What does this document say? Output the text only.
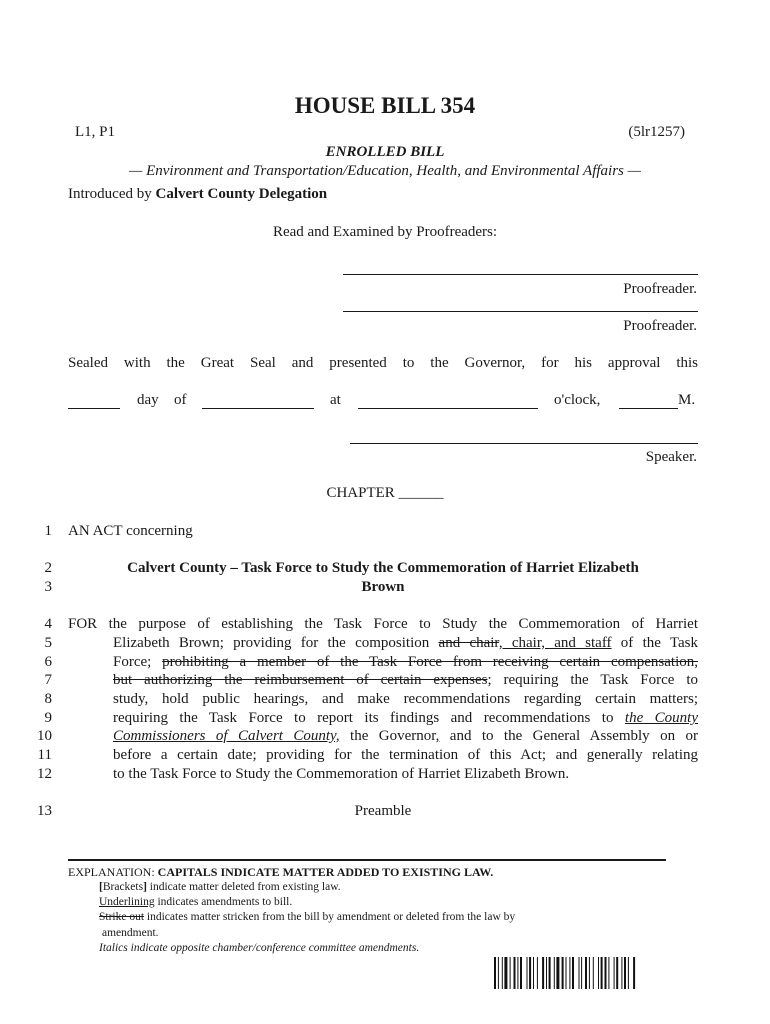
HOUSE BILL 354
L1, P1	(5lr1257)
ENROLLED BILL
— Environment and Transportation/Education, Health, and Environmental Affairs —
Introduced by Calvert County Delegation
Read and Examined by Proofreaders:
Proofreader.
Proofreader.
Sealed with the Great Seal and presented to the Governor, for his approval this
day of	at	o'clock,	M.
Speaker.
CHAPTER ______
1
2
3
4
5
6
7
8
9
10
11
12
13
AN ACT concerning
Calvert County – Task Force to Study the Commemoration of Harriet Elizabeth
Brown
FOR the purpose of establishing the Task Force to Study the Commemoration of Harriet
Elizabeth Brown; providing for the composition and chair, chair, and staff of the Task
Force; prohibiting a member of the Task Force from receiving certain compensation,
but authorizing the reimbursement of certain expenses; requiring the Task Force to
study, hold public hearings, and make recommendations regarding certain matters;
requiring the Task Force to report its findings and recommendations to the County
Commissioners of Calvert County, the Governor, and to the General Assembly on or
before a certain date; providing for the termination of this Act; and generally relating
to the Task Force to Study the Commemoration of Harriet Elizabeth Brown.
Preamble
EXPLANATION: CAPITALS INDICATE MATTER ADDED TO EXISTING LAW.
[Brackets] indicate matter deleted from existing law.
Underlining indicates amendments to bill.
Strike out indicates matter stricken from the bill by amendment or deleted from the law by
amendment.
Italics indicate opposite chamber/conference committee amendments.
